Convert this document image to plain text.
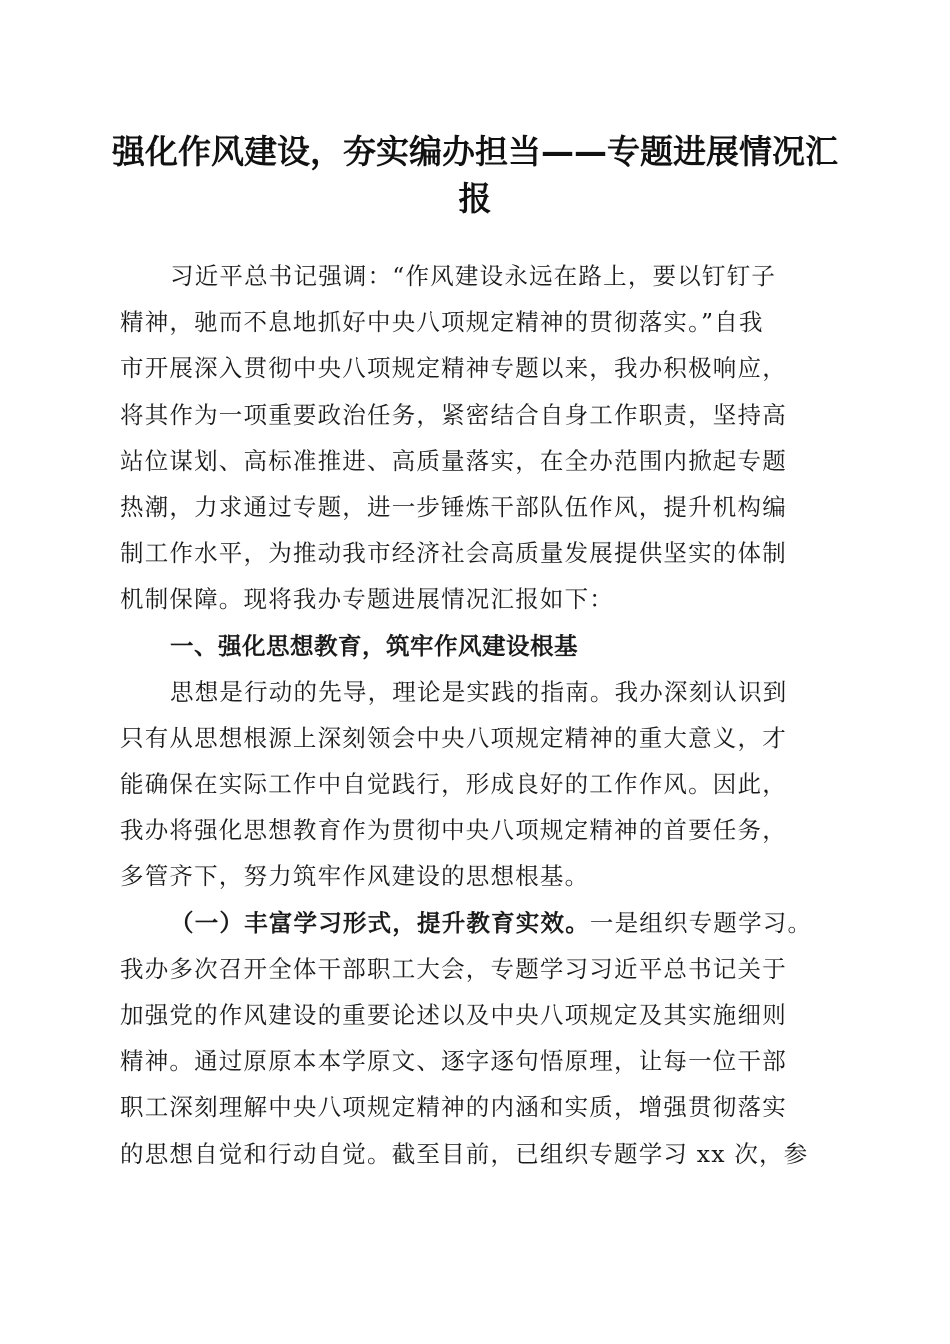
强化作风建设，夯实编办担当——专题进展情况汇报
习近平总书记强调：“作风建设永远在路上，要以钉钉子
精神，驰而不息地抓好中央八项规定精神的贯彻落实。”自我
市开展深入贯彻中央八项规定精神专题以来，我办积极响应，
将其作为一项重要政治任务，紧密结合自身工作职责，坚持高
站位谋划、高标准推进、高质量落实，在全办范围内掀起专题
热潮，力求通过专题，进一步锤炼干部队伍作风，提升机构编
制工作水平，为推动我市经济社会高质量发展提供坚实的体制
机制保障。现将我办专题进展情况汇报如下：
一、强化思想教育，筑牢作风建设根基
思想是行动的先导，理论是实践的指南。我办深刻认识到
只有从思想根源上深刻领会中央八项规定精神的重大意义，才
能确保在实际工作中自觉践行，形成良好的工作作风。因此，
我办将强化思想教育作为贯彻中央八项规定精神的首要任务，
多管齐下，努力筑牢作风建设的思想根基。
（一）丰富学习形式，提升教育实效。一是组织专题学习。
我办多次召开全体干部职工大会，专题学习习近平总书记关于
加强党的作风建设的重要论述以及中央八项规定及其实施细则
精神。通过原原本本学原文、逐字逐句悟原理，让每一位干部
职工深刻理解中央八项规定精神的内涵和实质，增强贯彻落实
的思想自觉和行动自觉。截至目前，已组织专题学习 xx 次，参
